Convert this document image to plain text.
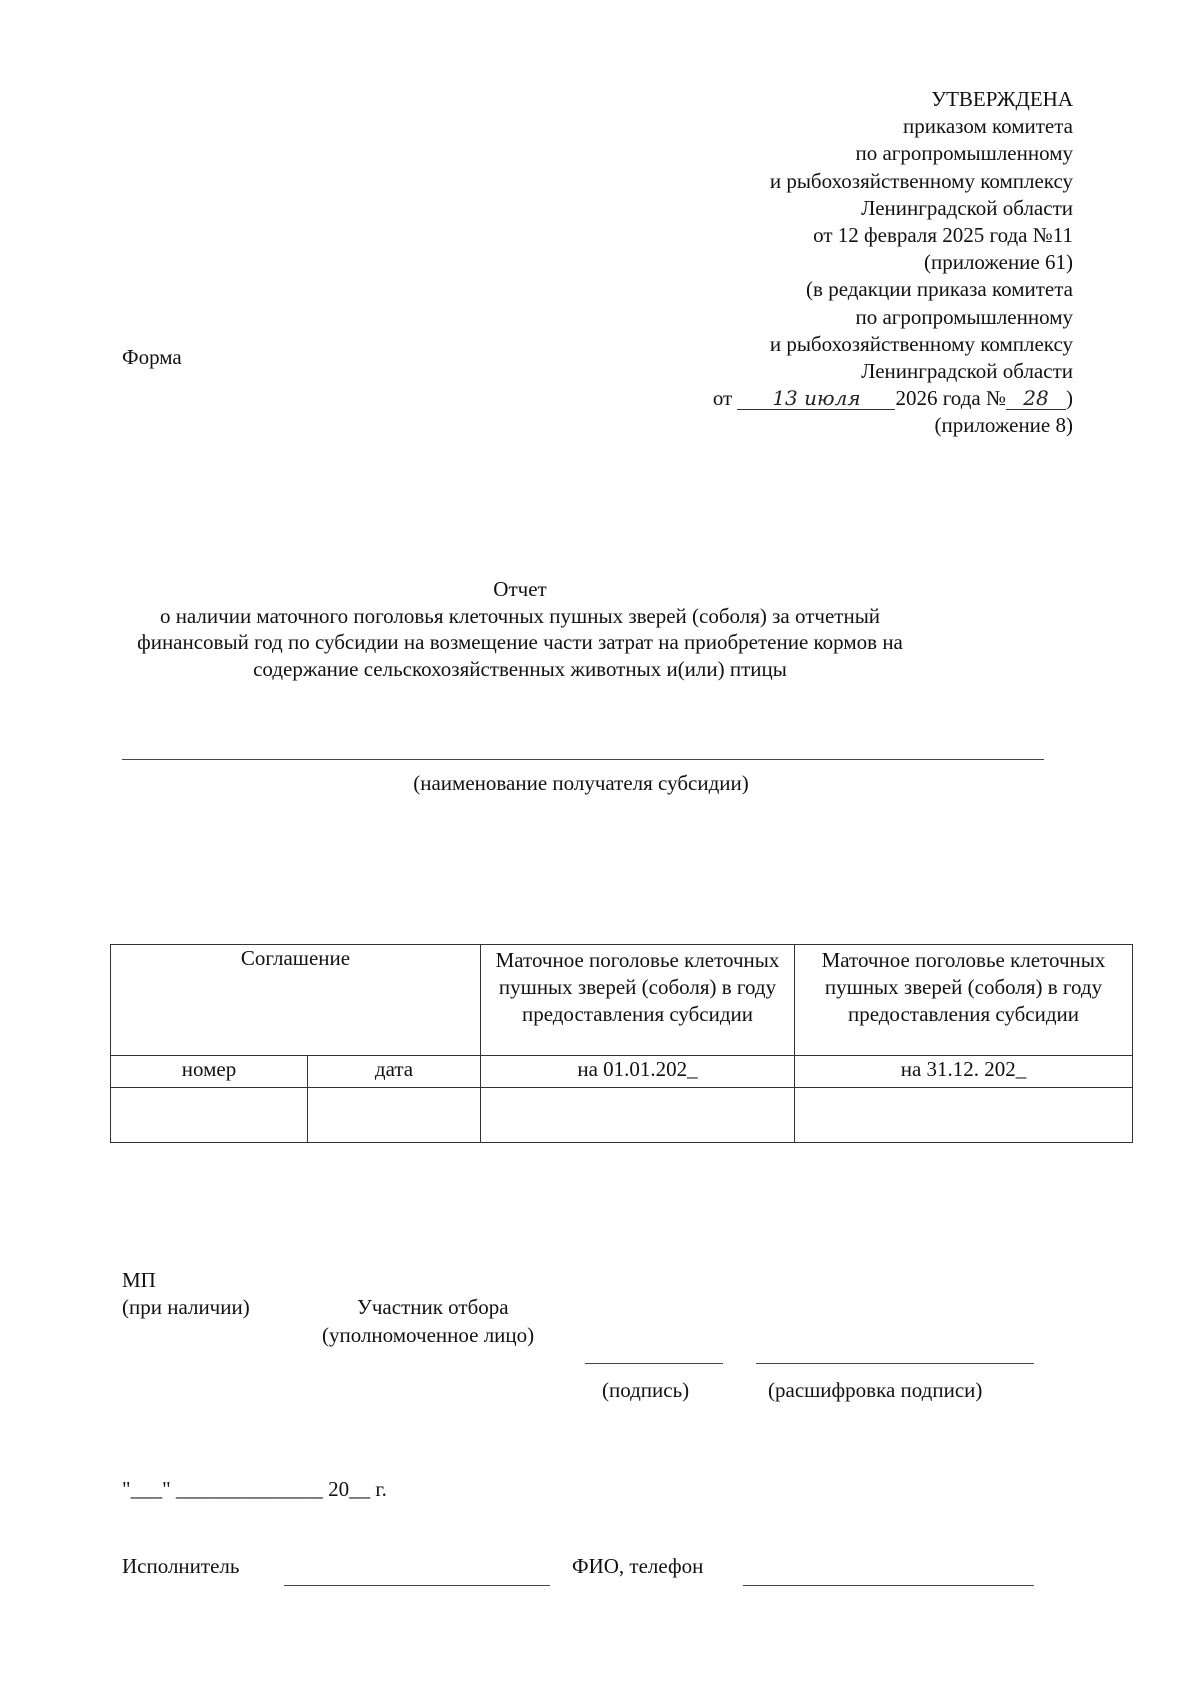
УТВЕРЖДЕНА
приказом комитета
по агропромышленному
и рыбохозяйственному комплексу
Ленинградской области
от 12 февраля 2025 года №11
(приложение 61)
(в редакции приказа комитета
по агропромышленному
и рыбохозяйственному комплексу
Ленинградской области
от 13 июля 2026 года № 28 )
(приложение 8)
Форма
Отчет
о наличии маточного поголовья клеточных пушных зверей (соболя) за отчетный
финансовый год по субсидии на возмещение части затрат на приобретение кормов на
содержание сельскохозяйственных животных и(или) птицы
(наименование получателя субсидии)
Соглашение		Маточное поголовье клеточных пушных зверей (соболя) в году предоставления субсидии	Маточное поголовье клеточных пушных зверей (соболя) в году предоставления субсидии
номер	дата	на 01.01.202_	на 31.12. 202_

МП
(при наличии)	Участник отбора
(уполномоченное лицо)
(подпись)	(расшифровка подписи)
"___" ______________ 20__ г.
Исполнитель	ФИО, телефон
